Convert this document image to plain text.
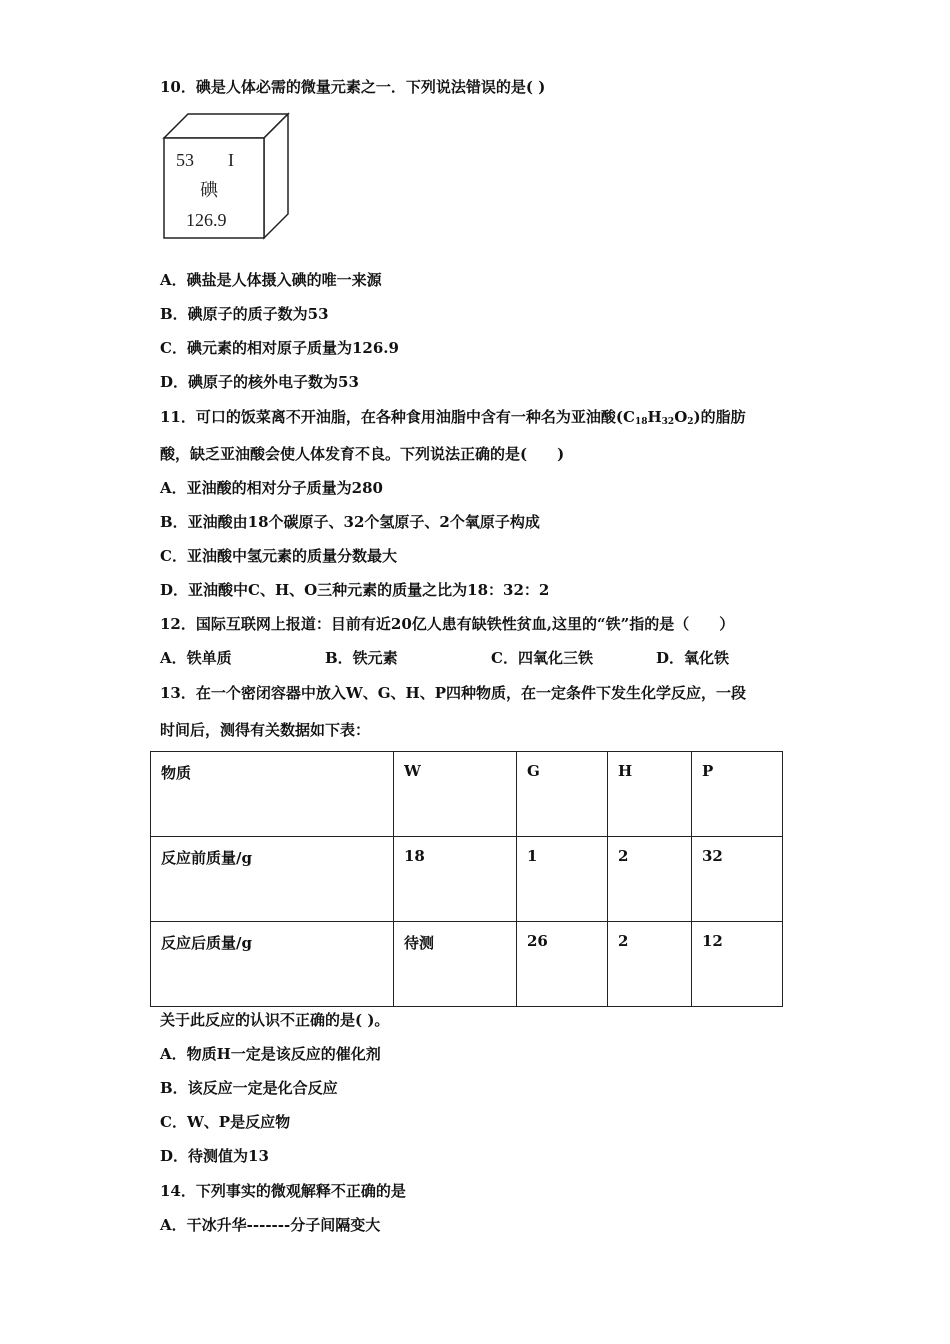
10．碘是人体必需的微量元素之一．下列说法错误的是( )
53 I
碘
126.9
A．碘盐是人体摄入碘的唯一来源
B．碘原子的质子数为53
C．碘元素的相对原子质量为126.9
D．碘原子的核外电子数为53
11．可口的饭菜离不开油脂，在各种食用油脂中含有一种名为亚油酸$(C_{18}H_{32}O_2)$的脂肪
酸，缺乏亚油酸会使人体发育不良。下列说法正确的是(　　)
A．亚油酸的相对分子质量为280
B．亚油酸由18个碳原子、32个氢原子、2个氧原子构成
C．亚油酸中氢元素的质量分数最大
D．亚油酸中C、H、O三种元素的质量之比为18：32：2
12．国际互联网上报道：目前有近20亿人患有缺铁性贫血,这里的“铁”指的是（　　）
A．铁单质	B．铁元素	C．四氧化三铁	D．氧化铁
13．在一个密闭容器中放入W、G、H、P四种物质，在一定条件下发生化学反应，一段
时间后，测得有关数据如下表：
物质	W	G	H	P
反应前质量/g	18	1	2	32
反应后质量/g	待测	26	2	12
关于此反应的认识不正确的是( )。
A．物质H一定是该反应的催化剂
B．该反应一定是化合反应
C．W、P是反应物
D．待测值为13
14．下列事实的微观解释不正确的是
A．干冰升华-------分子间隔变大
